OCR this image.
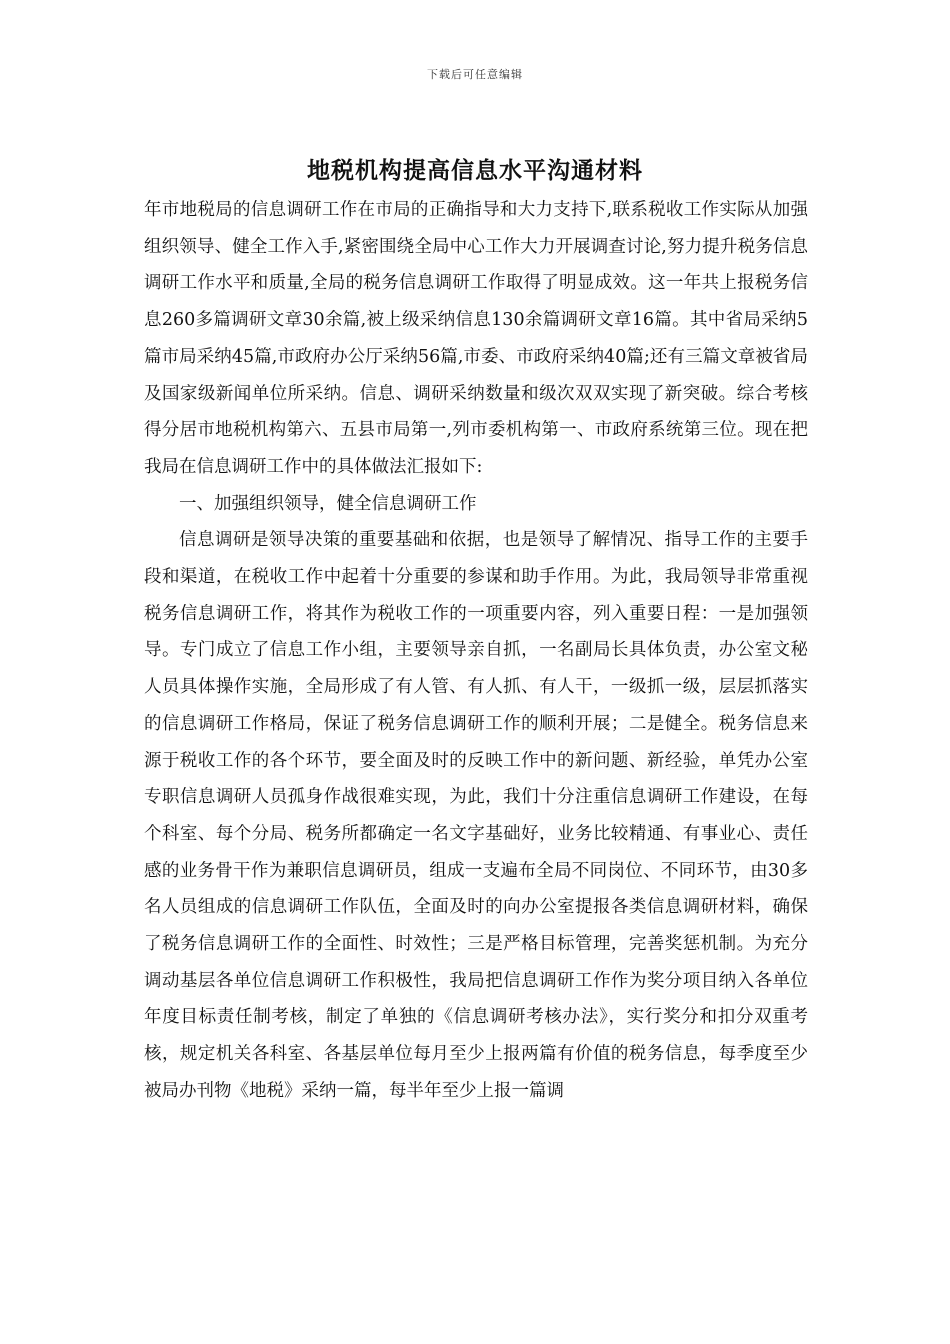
下载后可任意编辑
地税机构提高信息水平沟通材料

年市地税局的信息调研工作在市局的正确指导和大力支持下,联系税收工作实际从加强组织领导、健全工作入手,紧密围绕全局中心工作大力开展调查讨论,努力提升税务信息调研工作水平和质量,全局的税务信息调研工作取得了明显成效。这一年共上报税务信息260多篇调研文章30余篇,被上级采纳信息130余篇调研文章16篇。其中省局采纳5篇市局采纳45篇,市政府办公厅采纳56篇,市委、市政府采纳40篇;还有三篇文章被省局及国家级新闻单位所采纳。信息、调研采纳数量和级次双双实现了新突破。综合考核得分居市地税机构第六、五县市局第一,列市委机构第一、市政府系统第三位。现在把我局在信息调研工作中的具体做法汇报如下:

一、加强组织领导，健全信息调研工作

信息调研是领导决策的重要基础和依据，也是领导了解情况、指导工作的主要手段和渠道，在税收工作中起着十分重要的参谋和助手作用。为此，我局领导非常重视税务信息调研工作，将其作为税收工作的一项重要内容，列入重要日程：一是加强领导。专门成立了信息工作小组，主要领导亲自抓，一名副局长具体负责，办公室文秘人员具体操作实施，全局形成了有人管、有人抓、有人干，一级抓一级，层层抓落实的信息调研工作格局，保证了税务信息调研工作的顺利开展；二是健全。税务信息来源于税收工作的各个环节，要全面及时的反映工作中的新问题、新经验，单凭办公室专职信息调研人员孤身作战很难实现，为此，我们十分注重信息调研工作建设，在每个科室、每个分局、税务所都确定一名文字基础好，业务比较精通、有事业心、责任感的业务骨干作为兼职信息调研员，组成一支遍布全局不同岗位、不同环节，由30多名人员组成的信息调研工作队伍，全面及时的向办公室提报各类信息调研材料，确保了税务信息调研工作的全面性、时效性；三是严格目标管理，完善奖惩机制。为充分调动基层各单位信息调研工作积极性，我局把信息调研工作作为奖分项目纳入各单位年度目标责任制考核，制定了单独的《信息调研考核办法》，实行奖分和扣分双重考核，规定机关各科室、各基层单位每月至少上报两篇有价值的税务信息，每季度至少被局办刊物《地税》采纳一篇，每半年至少上报一篇调
